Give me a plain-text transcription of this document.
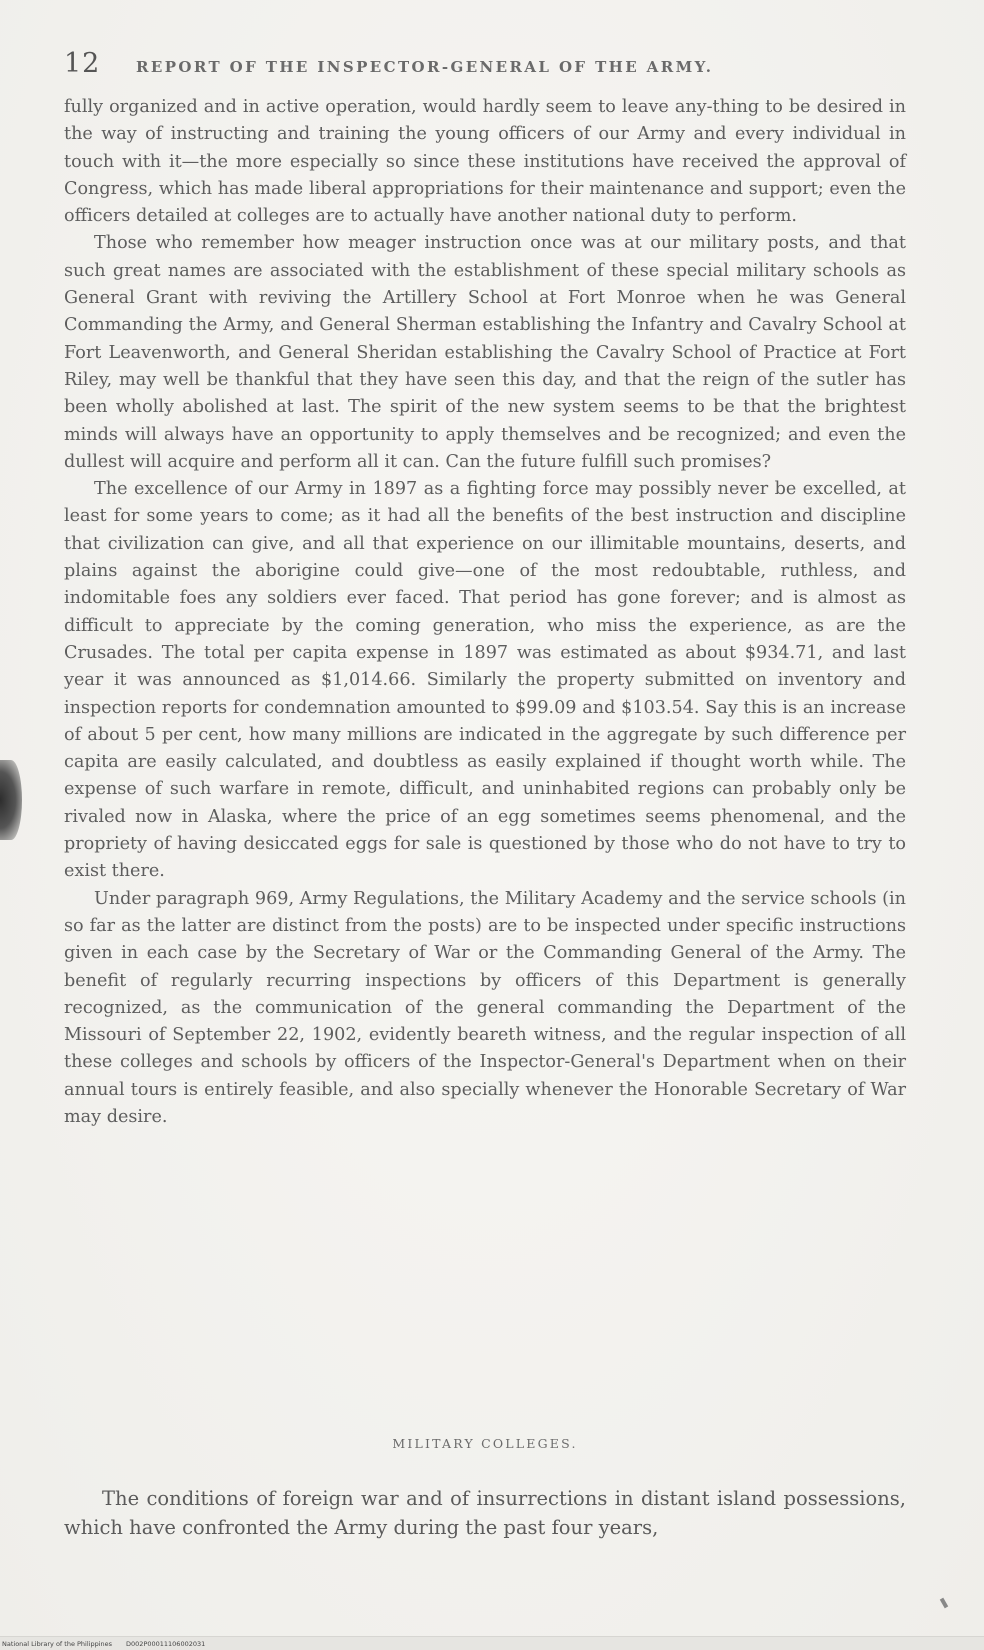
12	REPORT OF THE INSPECTOR-GENERAL OF THE ARMY.

fully organized and in active operation, would hardly seem to leave any-thing to be desired in the way of instructing and training the young officers of our Army and every individual in touch with it—the more especially so since these institutions have received the approval of Congress, which has made liberal appropriations for their maintenance and support; even the officers detailed at colleges are to actually have another national duty to perform.

Those who remember how meager instruction once was at our military posts, and that such great names are associated with the establishment of these special military schools as General Grant with reviving the Artillery School at Fort Monroe when he was General Commanding the Army, and General Sherman establishing the Infantry and Cavalry School at Fort Leavenworth, and General Sheridan establishing the Cavalry School of Practice at Fort Riley, may well be thankful that they have seen this day, and that the reign of the sutler has been wholly abolished at last. The spirit of the new system seems to be that the brightest minds will always have an opportunity to apply themselves and be recognized; and even the dullest will acquire and perform all it can. Can the future fulfill such promises?

The excellence of our Army in 1897 as a fighting force may possibly never be excelled, at least for some years to come; as it had all the benefits of the best instruction and discipline that civilization can give, and all that experience on our illimitable mountains, deserts, and plains against the aborigine could give—one of the most redoubtable, ruthless, and indomitable foes any soldiers ever faced. That period has gone forever; and is almost as difficult to appreciate by the coming generation, who miss the experience, as are the Crusades. The total per capita expense in 1897 was estimated as about $934.71, and last year it was announced as $1,014.66. Similarly the property submitted on inventory and inspection reports for condemnation amounted to $99.09 and $103.54. Say this is an increase of about 5 per cent, how many millions are indicated in the aggregate by such difference per capita are easily calculated, and doubtless as easily explained if thought worth while. The expense of such warfare in remote, difficult, and uninhabited regions can probably only be rivaled now in Alaska, where the price of an egg sometimes seems phenomenal, and the propriety of having desiccated eggs for sale is questioned by those who do not have to try to exist there.

Under paragraph 969, Army Regulations, the Military Academy and the service schools (in so far as the latter are distinct from the posts) are to be inspected under specific instructions given in each case by the Secretary of War or the Commanding General of the Army. The benefit of regularly recurring inspections by officers of this Department is generally recognized, as the communication of the general commanding the Department of the Missouri of September 22, 1902, evidently beareth witness, and the regular inspection of all these colleges and schools by officers of the Inspector-General's Department when on their annual tours is entirely feasible, and also specially whenever the Honorable Secretary of War may desire.

MILITARY COLLEGES.

The conditions of foreign war and of insurrections in distant island possessions, which have confronted the Army during the past four years,

National Library of the Philippines D002P00011106002031
